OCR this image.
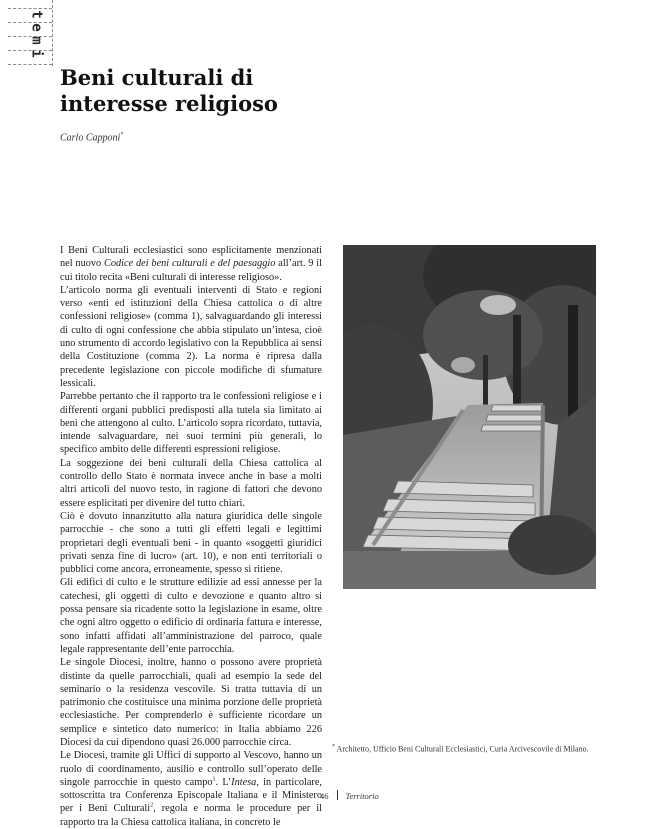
t
e
m
i
Beni culturali di
interesse religioso
Carlo Capponi*

I Beni Culturali ecclesiastici sono esplicitamente menzionati nel nuovo Codice dei beni culturali e del paesaggio all’art. 9 il cui titolo recita «Beni culturali di interesse religioso».

L’articolo norma gli eventuali interventi di Stato e regioni verso «enti ed istituzioni della Chiesa cattolica o di altre confessioni religiose» (comma 1), salvaguardando gli interessi di culto di ogni confessione che abbia stipulato un’intesa, cioè uno strumento di accordo legislativo con la Repubblica ai sensi della Costituzione (comma 2). La norma è ripresa dalla precedente legislazione con piccole modifiche di sfumature lessicali.

Parrebbe pertanto che il rapporto tra le confessioni religiose e i differenti organi pubblici predisposti alla tutela sia limitato ai beni che attengono al culto. L’articolo sopra ricordato, tuttavia, intende salvaguardare, nei suoi termini più generali, lo specifico ambito delle differenti espressioni religiose.

La soggezione dei beni culturali della Chiesa cattolica al controllo dello Stato è normata invece anche in base a molti altri articoli del nuovo testo, in ragione di fattori che devono essere esplicitati per divenire del tutto chiari.

Ciò è dovuto innanzitutto alla natura giuridica delle singole parrocchie - che sono a tutti gli effetti legali e legittimi proprietari degli eventuali beni - in quanto «soggetti giuridici privati senza fine di lucro» (art. 10), e non enti territoriali o pubblici come ancora, erroneamente, spesso si ritiene.

Gli edifici di culto e le strutture edilizie ad essi annesse per la catechesi, gli oggetti di culto e devozione e quanto altro si possa pensare sia ricadente sotto la legislazione in esame, oltre che ogni altro oggetto o edificio di ordinaria fattura e interesse, sono infatti affidati all’amministrazione del parroco, quale legale rappresentante dell’ente parrocchia.

Le singole Diocesi, inoltre, hanno o possono avere proprietà distinte da quelle parrocchiali, quali ad esempio la sede del seminario o la residenza vescovile. Si tratta tuttavia di un patrimonio che costituisce una minima porzione delle proprietà ecclesiastiche. Per comprenderlo è sufficiente ricordare un semplice e sintetico dato numerico: in Italia abbiamo 226 Diocesi da cui dipendono quasi 26.000 parrocchie circa.

Le Diocesi, tramite gli Uffici di supporto al Vescovo, hanno un ruolo di coordinamento, ausilio e controllo sull’operato delle singole parrocchie in questo campo$^1$. L’Intesa, in particolare, sottoscritta tra Conferenza Episcopale Italiana e il Ministero per i Beni Culturali$^2$, regola e norma le procedure per il rapporto tra la Chiesa cattolica italiana, in concreto le

* Architetto, Ufficio Beni Culturali Ecclesiastici, Curia Arcivescovile di Milano.
46 Territorio
